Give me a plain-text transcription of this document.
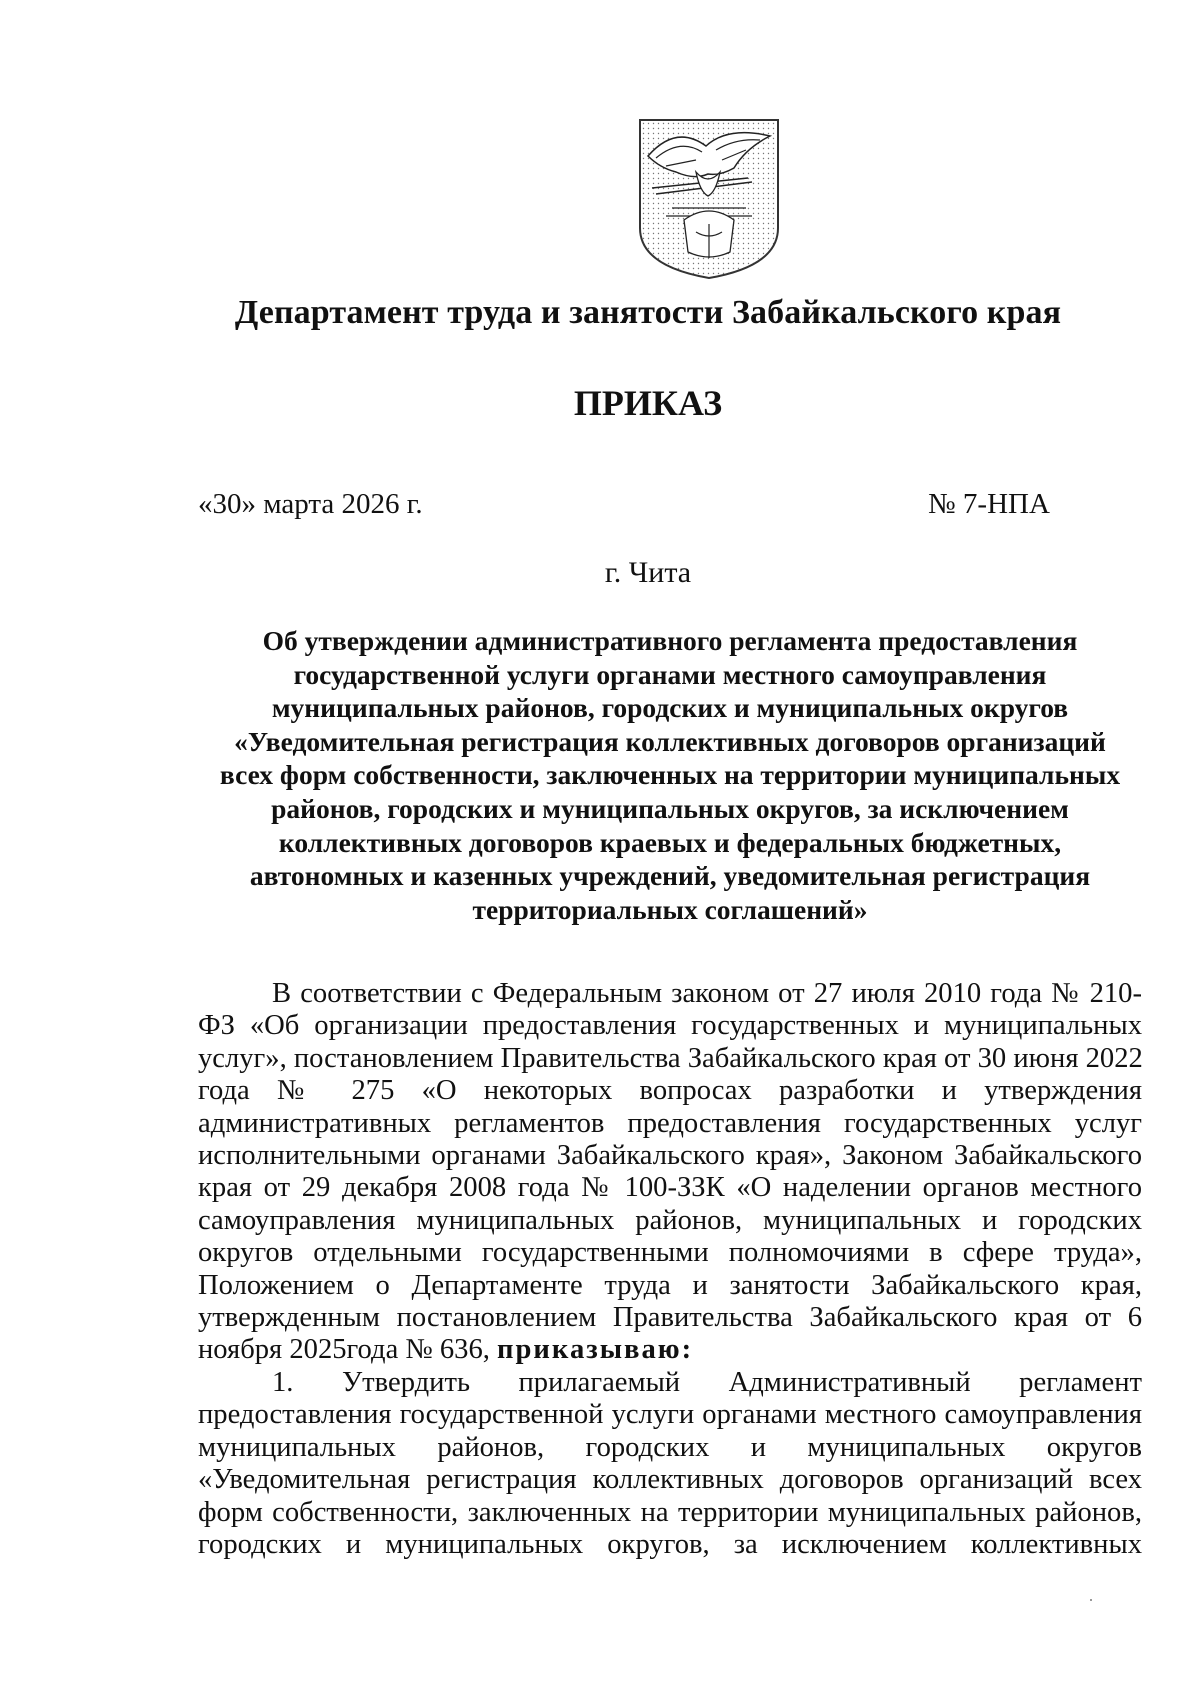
Департамент труда и занятости Забайкальского края
ПРИКАЗ
«30» марта 2026 г.	№ 7-НПА
г. Чита
Об утверждении административного регламента предоставления
государственной услуги органами местного самоуправления
муниципальных районов, городских и муниципальных округов
«Уведомительная регистрация коллективных договоров организаций
всех форм собственности, заключенных на территории муниципальных
районов, городских и муниципальных округов, за исключением
коллективных договоров краевых и федеральных бюджетных,
автономных и казенных учреждений, уведомительная регистрация
территориальных соглашений»
В соответствии с Федеральным законом от 27 июля 2010 года № 210-
ФЗ «Об организации предоставления государственных и муниципальных
услуг», постановлением Правительства Забайкальского края от 30 июня 2022
года № 275 «О некоторых вопросах разработки и утверждения
административных регламентов предоставления государственных услуг
исполнительными органами Забайкальского края», Законом Забайкальского
края от 29 декабря 2008 года № 100-ЗЗК «О наделении органов местного
самоуправления муниципальных районов, муниципальных и городских
округов отдельными государственными полномочиями в сфере труда»,
Положением о Департаменте труда и занятости Забайкальского края,
утвержденным постановлением Правительства Забайкальского края от 6
ноября 2025года № 636, приказываю:
1. Утвердить прилагаемый Административный регламент
предоставления государственной услуги органами местного самоуправления
муниципальных районов, городских и муниципальных округов
«Уведомительная регистрация коллективных договоров организаций всех
форм собственности, заключенных на территории муниципальных районов,
городских и муниципальных округов, за исключением коллективных
